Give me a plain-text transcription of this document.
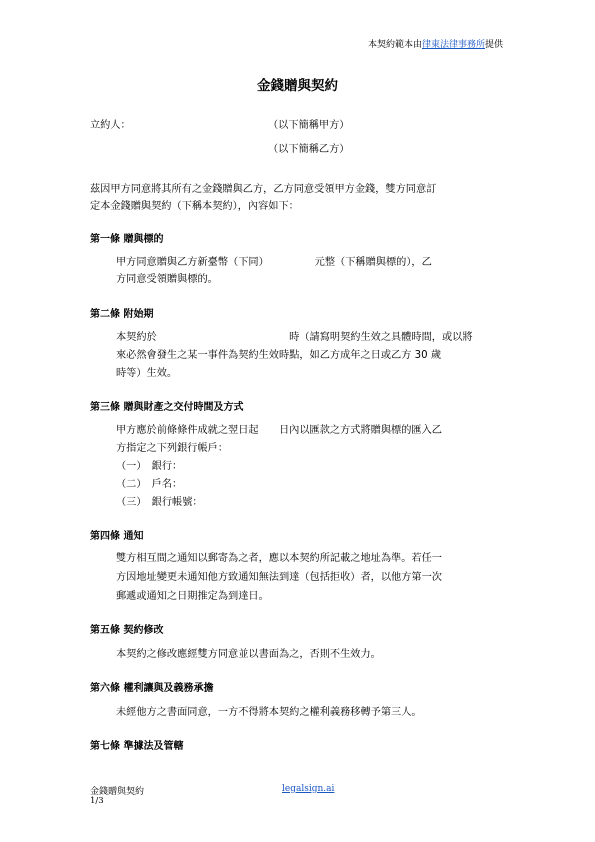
本契約範本由律東法律事務所提供
金錢贈與契約
立約人：	（以下簡稱甲方）
（以下簡稱乙方）
茲因甲方同意將其所有之金錢贈與乙方，乙方同意受領甲方金錢，雙方同意訂
定本金錢贈與契約（下稱本契約），內容如下：
第一條 贈與標的
甲方同意贈與乙方新臺幣（下同）　　　　　元整（下稱贈與標的），乙
方同意受領贈與標的。
第二條 附始期
本契約於　　　　　　　　　　　　　時（請寫明契約生效之具體時間，或以將
來必然會發生之某一事件為契約生效時點，如乙方成年之日或乙方 30 歲
時等）生效。
第三條 贈與財產之交付時間及方式
甲方應於前條條件成就之翌日起　　日內以匯款之方式將贈與標的匯入乙
方指定之下列銀行帳戶：
（一）　銀行：
（二）　戶名：
（三）　銀行帳號：
第四條 通知
雙方相互間之通知以郵寄為之者，應以本契約所記載之地址為準。若任一
方因地址變更未通知他方致通知無法到達（包括拒收）者，以他方第一次
郵遞或通知之日期推定為到達日。
第五條 契約修改
本契約之修改應經雙方同意並以書面為之，否則不生效力。
第六條 權利讓與及義務承擔
未經他方之書面同意，一方不得將本契約之權利義務移轉予第三人。
第七條 準據法及管轄
金錢贈與契約
1/3
legalsign.ai
